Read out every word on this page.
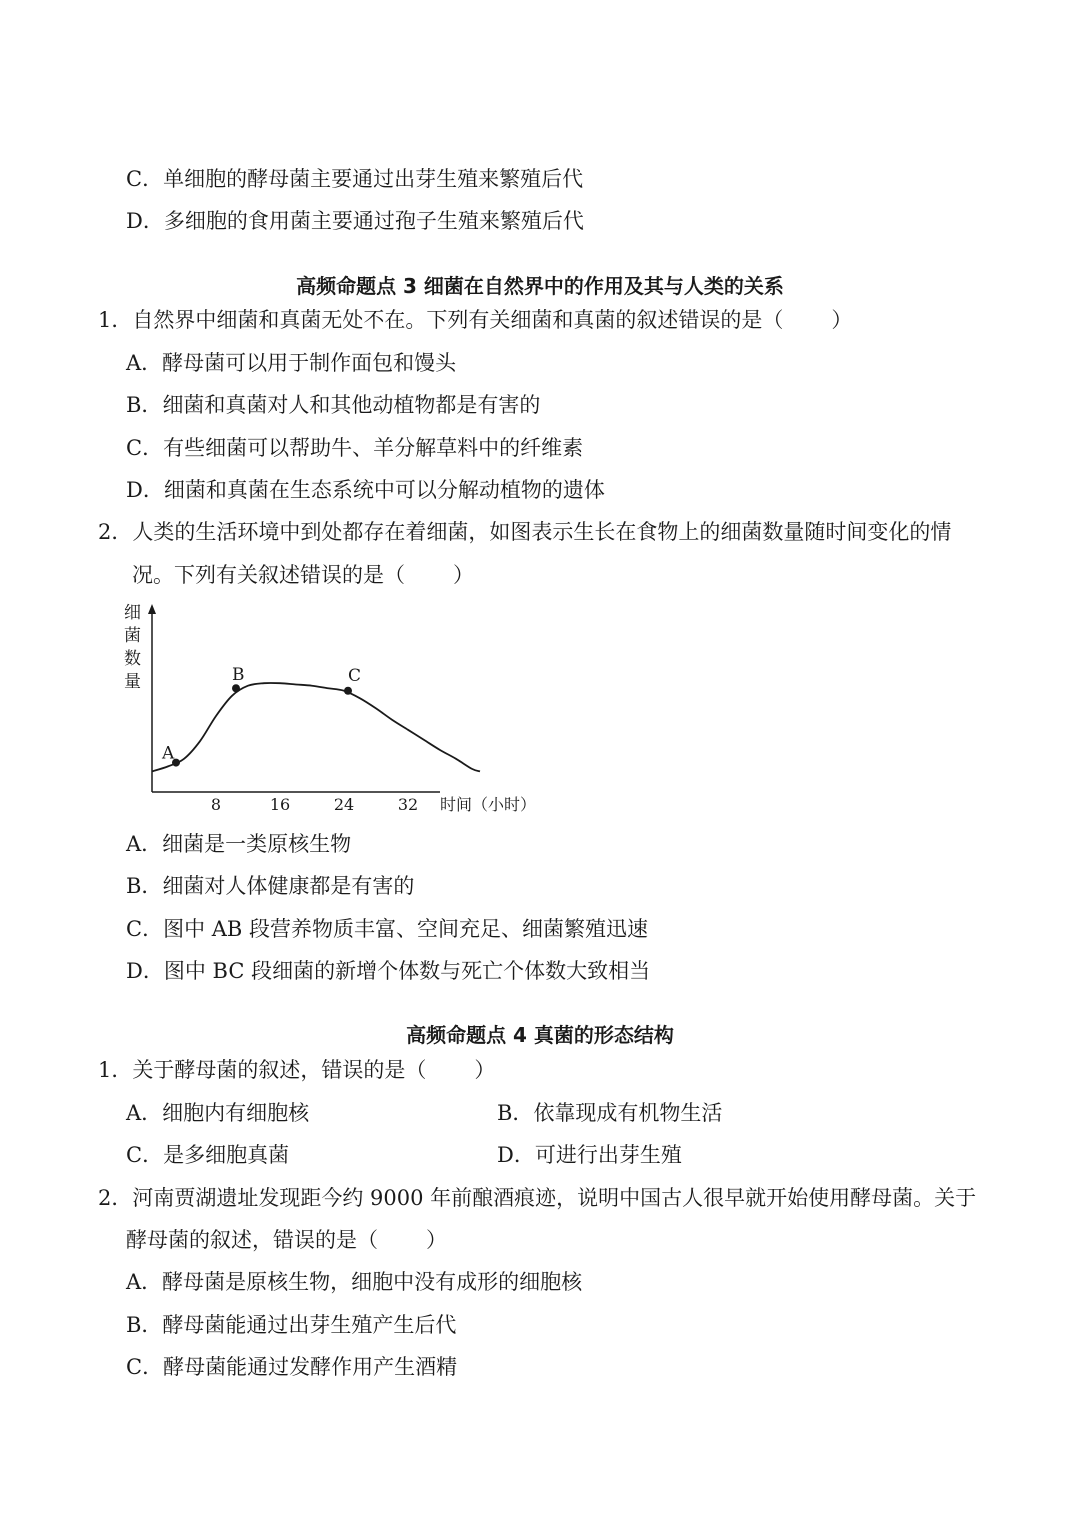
C．单细胞的酵母菌主要通过出芽生殖来繁殖后代
D．多细胞的食用菌主要通过孢子生殖来繁殖后代
高频命题点 3 细菌在自然界中的作用及其与人类的关系
1．自然界中细菌和真菌无处不在。下列有关细菌和真菌的叙述错误的是（ ）
A．酵母菌可以用于制作面包和馒头
B．细菌和真菌对人和其他动植物都是有害的
C．有些细菌可以帮助牛、羊分解草料中的纤维素
D．细菌和真菌在生态系统中可以分解动植物的遗体
2．人类的生活环境中到处都存在着细菌，如图表示生长在食物上的细菌数量随时间变化的情
况。下列有关叙述错误的是（ ）
细
菌
数
量
8	16	24	32 时间（小时）
A
B	C
A．细菌是一类原核生物
B．细菌对人体健康都是有害的
C．图中 AB 段营养物质丰富、空间充足、细菌繁殖迅速
D．图中 BC 段细菌的新增个体数与死亡个体数大致相当
高频命题点 4 真菌的形态结构
1．关于酵母菌的叙述，错误的是（ ）
A．细胞内有细胞核	B．依靠现成有机物生活
C．是多细胞真菌	D．可进行出芽生殖
2．河南贾湖遗址发现距今约 9000 年前酿酒痕迹，说明中国古人很早就开始使用酵母菌。关于
酵母菌的叙述，错误的是（ ）
A．酵母菌是原核生物，细胞中没有成形的细胞核
B．酵母菌能通过出芽生殖产生后代
C．酵母菌能通过发酵作用产生酒精
